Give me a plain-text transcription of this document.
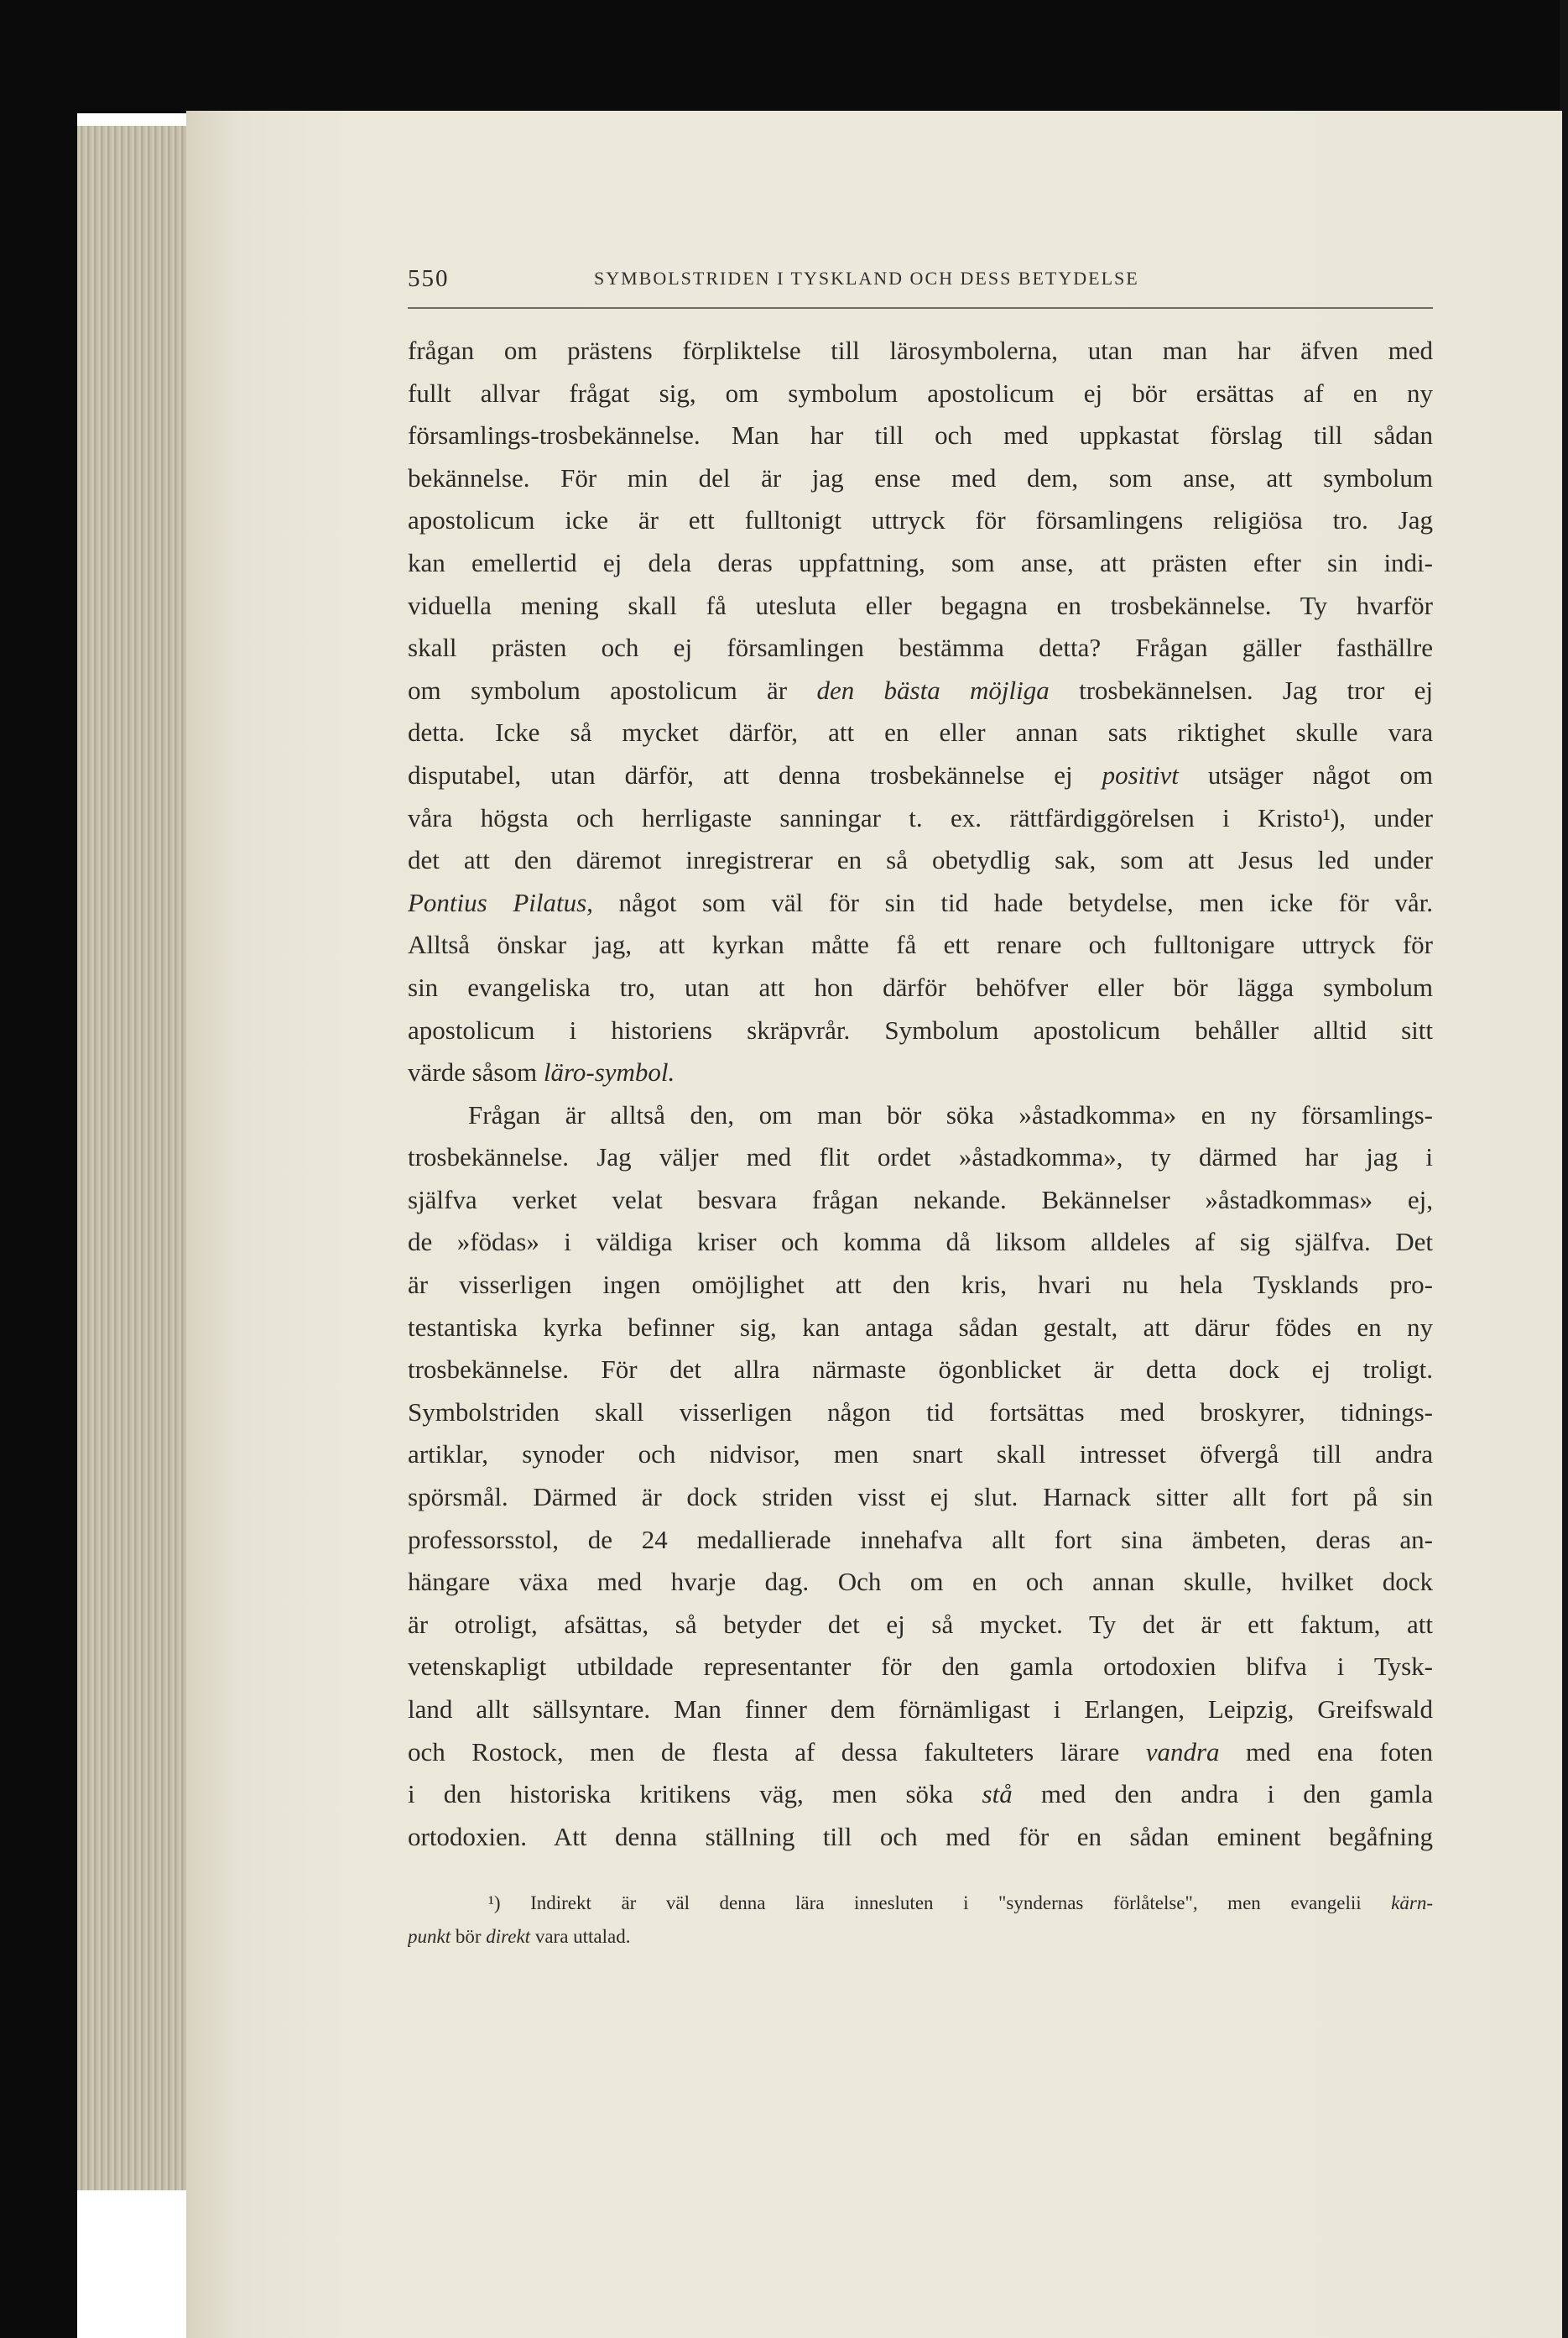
550	SYMBOLSTRIDEN I TYSKLAND OCH DESS BETYDELSE
frågan om prästens förpliktelse till lärosymbolerna, utan man har äfven med
fullt allvar frågat sig, om symbolum apostolicum ej bör ersättas af en ny
församlings-trosbekännelse. Man har till och med uppkastat förslag till sådan
bekännelse. För min del är jag ense med dem, som anse, att symbolum
apostolicum icke är ett fulltonigt uttryck för församlingens religiösa tro. Jag
kan emellertid ej dela deras uppfattning, som anse, att prästen efter sin indi-
viduella mening skall få utesluta eller begagna en trosbekännelse. Ty hvarför
skall prästen och ej församlingen bestämma detta? Frågan gäller fasthällre
om symbolum apostolicum är den bästa möjliga trosbekännelsen. Jag tror ej
detta. Icke så mycket därför, att en eller annan sats riktighet skulle vara
disputabel, utan därför, att denna trosbekännelse ej positivt utsäger något om
våra högsta och herrligaste sanningar t. ex. rättfärdiggörelsen i Kristo¹), under
det att den däremot inregistrerar en så obetydlig sak, som att Jesus led under
Pontius Pilatus, något som väl för sin tid hade betydelse, men icke för vår.
Alltså önskar jag, att kyrkan måtte få ett renare och fulltonigare uttryck för
sin evangeliska tro, utan att hon därför behöfver eller bör lägga symbolum
apostolicum i historiens skräpvrår. Symbolum apostolicum behåller alltid sitt
värde såsom läro-symbol.
Frågan är alltså den, om man bör söka »åstadkomma» en ny församlings-
trosbekännelse. Jag väljer med flit ordet »åstadkomma», ty därmed har jag i
själfva verket velat besvara frågan nekande. Bekännelser »åstadkommas» ej,
de »födas» i väldiga kriser och komma då liksom alldeles af sig själfva. Det
är visserligen ingen omöjlighet att den kris, hvari nu hela Tysklands pro-
testantiska kyrka befinner sig, kan antaga sådan gestalt, att därur födes en ny
trosbekännelse. För det allra närmaste ögonblicket är detta dock ej troligt.
Symbolstriden skall visserligen någon tid fortsättas med broskyrer, tidnings-
artiklar, synoder och nidvisor, men snart skall intresset öfvergå till andra
spörsmål. Därmed är dock striden visst ej slut. Harnack sitter allt fort på sin
professorsstol, de 24 medallierade innehafva allt fort sina ämbeten, deras an-
hängare växa med hvarje dag. Och om en och annan skulle, hvilket dock
är otroligt, afsättas, så betyder det ej så mycket. Ty det är ett faktum, att
vetenskapligt utbildade representanter för den gamla ortodoxien blifva i Tysk-
land allt sällsyntare. Man finner dem förnämligast i Erlangen, Leipzig, Greifswald
och Rostock, men de flesta af dessa fakulteters lärare vandra med ena foten
i den historiska kritikens väg, men söka stå med den andra i den gamla
ortodoxien. Att denna ställning till och med för en sådan eminent begåfning
¹) Indirekt är väl denna lära innesluten i "syndernas förlåtelse", men evangelii kärn-
punkt bör direkt vara uttalad.
